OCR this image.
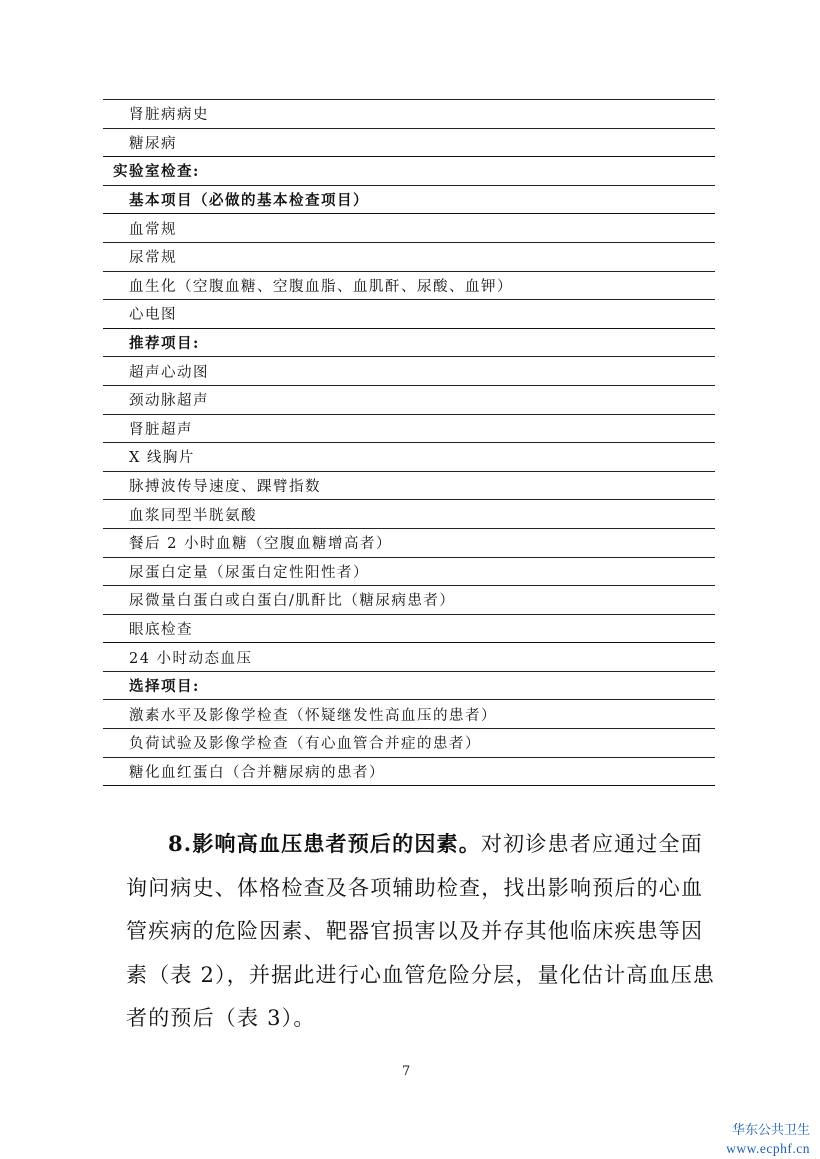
肾脏病病史
糖尿病
实验室检查:
基本项目（必做的基本检查项目）
血常规
尿常规
血生化（空腹血糖、空腹血脂、血肌酐、尿酸、血钾）
心电图
推荐项目:
超声心动图
颈动脉超声
肾脏超声
X 线胸片
脉搏波传导速度、踝臂指数
血浆同型半胱氨酸
餐后 2 小时血糖（空腹血糖增高者）
尿蛋白定量（尿蛋白定性阳性者）
尿微量白蛋白或白蛋白/肌酐比（糖尿病患者）
眼底检查
24 小时动态血压
选择项目:
激素水平及影像学检查（怀疑继发性高血压的患者）
负荷试验及影像学检查（有心血管合并症的患者）
糖化血红蛋白（合并糖尿病的患者）
8.影响高血压患者预后的因素。对初诊患者应通过全面
询问病史、体格检查及各项辅助检查，找出影响预后的心血
管疾病的危险因素、靶器官损害以及并存其他临床疾患等因
素（表 2），并据此进行心血管危险分层，量化估计高血压患
者的预后（表 3）。
7
华东公共卫生
www.ecphf.cn
